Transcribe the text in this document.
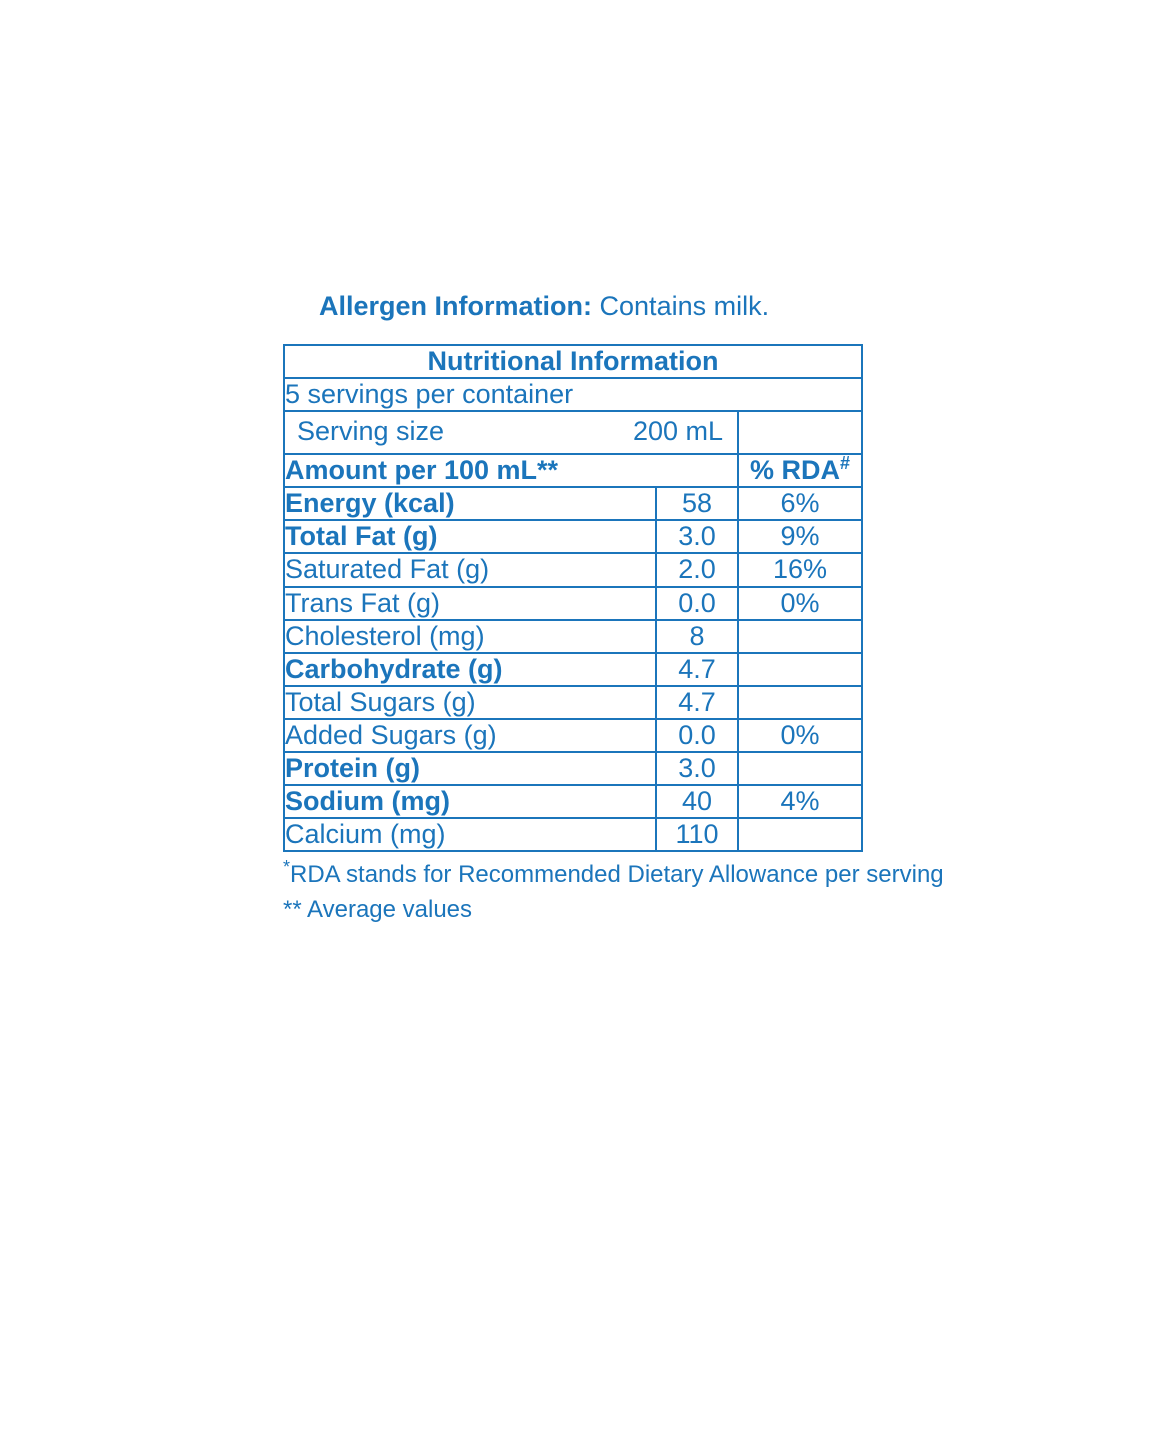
Allergen Information: Contains milk.
Nutritional Information		
5 servings per container		

Serving size 200 mL		

Amount per 100 mL**		% RDA#
Energy (kcal)	58	6%
Total Fat (g)	3.0	9%
Saturated Fat (g)	2.0	16%
Trans Fat (g)	0.0	0%
Cholesterol (mg)	8	
Carbohydrate (g)	4.7	
Total Sugars (g)	4.7	
Added Sugars (g)	0.0	0%
Protein (g)	3.0	
Sodium (mg)	40	4%
Calcium (mg)	110	
*RDA stands for Recommended Dietary Allowance per serving
** Average values
